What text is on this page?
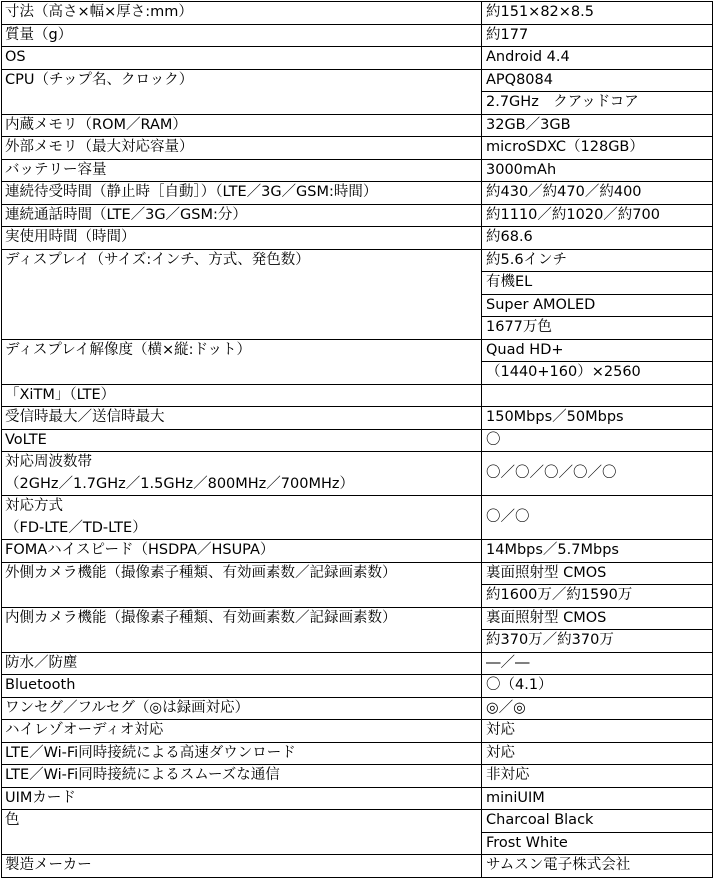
寸法（高さ×幅×厚さ:mm）	約151×82×8.5
質量（g）	約177
OS	Android 4.4
CPU（チップ名、クロック）	APQ8084
	2.7GHz　クアッドコア
内蔵メモリ（ROM／RAM）	32GB／3GB
外部メモリ（最大対応容量）	microSDXC（128GB）
バッテリー容量	3000mAh
連続待受時間（静止時［自動］）（LTE／3G／GSM:時間）	約430／約470／約400
連続通話時間（LTE／3G／GSM:分）	約1110／約1020／約700
実使用時間（時間）	約68.6
ディスプレイ（サイズ:インチ、方式、発色数）	約5.6インチ
	有機EL
	Super AMOLED
	1677万色
ディスプレイ解像度（横×縦:ドット）	Quad HD+
	（1440+160）×2560
「XiTM」（LTE）	
受信時最大／送信時最大	150Mbps／50Mbps
VoLTE	〇
対応周波数帯	〇／〇／〇／〇／〇
（2GHz／1.7GHz／1.5GHz／800MHz／700MHz）	
対応方式	〇／〇
（FD-LTE／TD-LTE）	
FOMAハイスピード（HSDPA／HSUPA）	14Mbps／5.7Mbps
外側カメラ機能（撮像素子種類、有効画素数／記録画素数）	裏面照射型 CMOS
	約1600万／約1590万
内側カメラ機能（撮像素子種類、有効画素数／記録画素数）	裏面照射型 CMOS
	約370万／約370万
防水／防塵	―／―
Bluetooth	〇（4.1）
ワンセグ／フルセグ（◎は録画対応）	◎／◎
ハイレゾオーディオ対応	対応
LTE／Wi-Fi同時接続による高速ダウンロード	対応
LTE／Wi-Fi同時接続によるスムーズな通信	非対応
UIMカード	miniUIM
色	Charcoal Black
	Frost White
製造メーカー	サムスン電子株式会社
